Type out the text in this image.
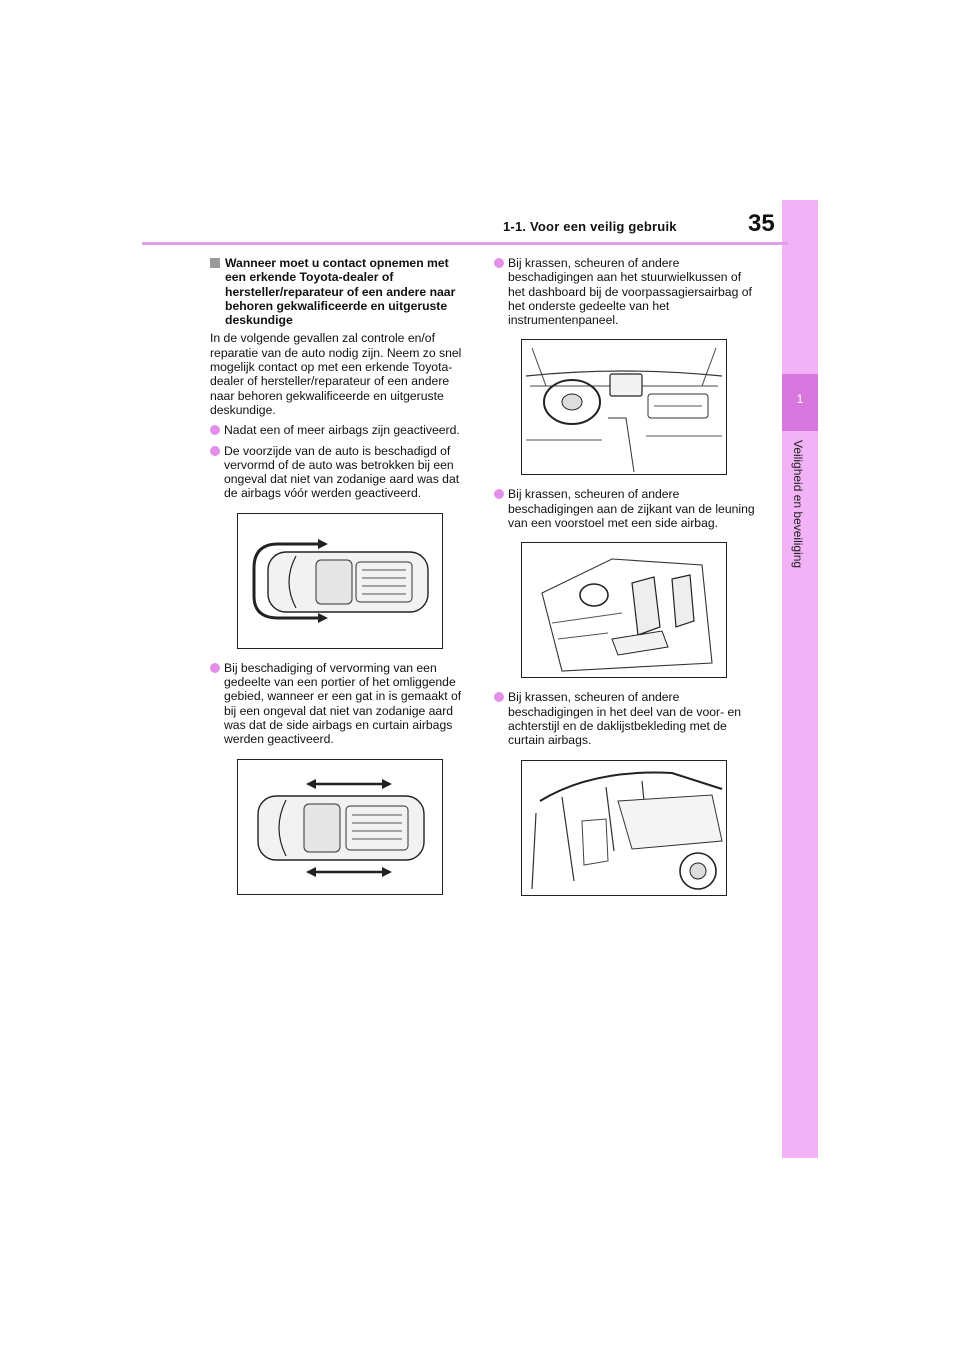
1
Veiligheid en beveiliging
1-1. Voor een veilig gebruik	35
Wanneer moet u contact opnemen met een erkende Toyota-dealer of hersteller/reparateur of een andere naar behoren gekwalificeerde en uitgeruste deskundige

In de volgende gevallen zal controle en/of reparatie van de auto nodig zijn. Neem zo snel mogelijk contact op met een erkende Toyota-dealer of hersteller/reparateur of een andere naar behoren gekwalificeerde en uitgeruste deskundige.

Nadat een of meer airbags zijn geactiveerd.
De voorzijde van de auto is beschadigd of vervormd of de auto was betrokken bij een ongeval dat niet van zodanige aard was dat de airbags vóór werden geactiveerd.
Bij beschadiging of vervorming van een gedeelte van een portier of het omliggende gebied, wanneer er een gat in is gemaakt of bij een ongeval dat niet van zodanige aard was dat de side airbags en curtain airbags werden geactiveerd.
Bij krassen, scheuren of andere beschadigingen aan het stuurwielkussen of het dashboard bij de voorpassagiersairbag of het onderste gedeelte van het instrumentenpaneel.
Bij krassen, scheuren of andere beschadigingen aan de zijkant van de leuning van een voorstoel met een side airbag.
Bij krassen, scheuren of andere beschadigingen in het deel van de voor- en achterstijl en de daklijstbekleding met de curtain airbags.
